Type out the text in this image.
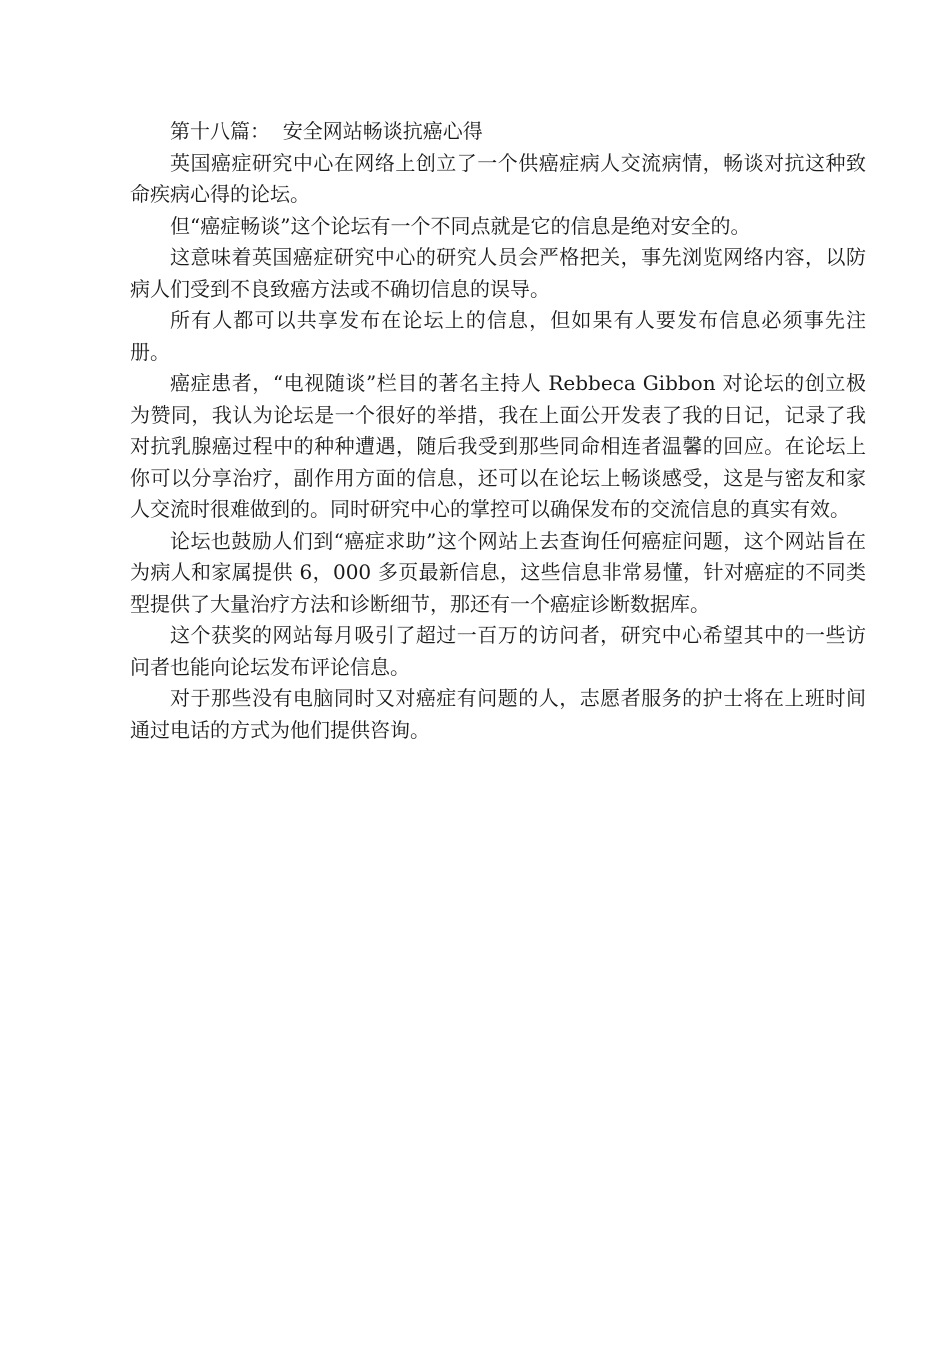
第十八篇：  安全网站畅谈抗癌心得

英国癌症研究中心在网络上创立了一个供癌症病人交流病情，畅谈对抗这种致命疾病心得的论坛。

但“癌症畅谈”这个论坛有一个不同点就是它的信息是绝对安全的。

这意味着英国癌症研究中心的研究人员会严格把关，事先浏览网络内容，以防病人们受到不良致癌方法或不确切信息的误导。

所有人都可以共享发布在论坛上的信息，但如果有人要发布信息必须事先注册。

癌症患者，“电视随谈”栏目的著名主持人 Rebbeca Gibbon 对论坛的创立极为赞同，我认为论坛是一个很好的举措，我在上面公开发表了我的日记，记录了我对抗乳腺癌过程中的种种遭遇，随后我受到那些同命相连者温馨的回应。在论坛上你可以分享治疗，副作用方面的信息，还可以在论坛上畅谈感受，这是与密友和家人交流时很难做到的。同时研究中心的掌控可以确保发布的交流信息的真实有效。

论坛也鼓励人们到“癌症求助”这个网站上去查询任何癌症问题，这个网站旨在为病人和家属提供 6，000 多页最新信息，这些信息非常易懂，针对癌症的不同类型提供了大量治疗方法和诊断细节，那还有一个癌症诊断数据库。

这个获奖的网站每月吸引了超过一百万的访问者，研究中心希望其中的一些访问者也能向论坛发布评论信息。

对于那些没有电脑同时又对癌症有问题的人，志愿者服务的护士将在上班时间通过电话的方式为他们提供咨询。
